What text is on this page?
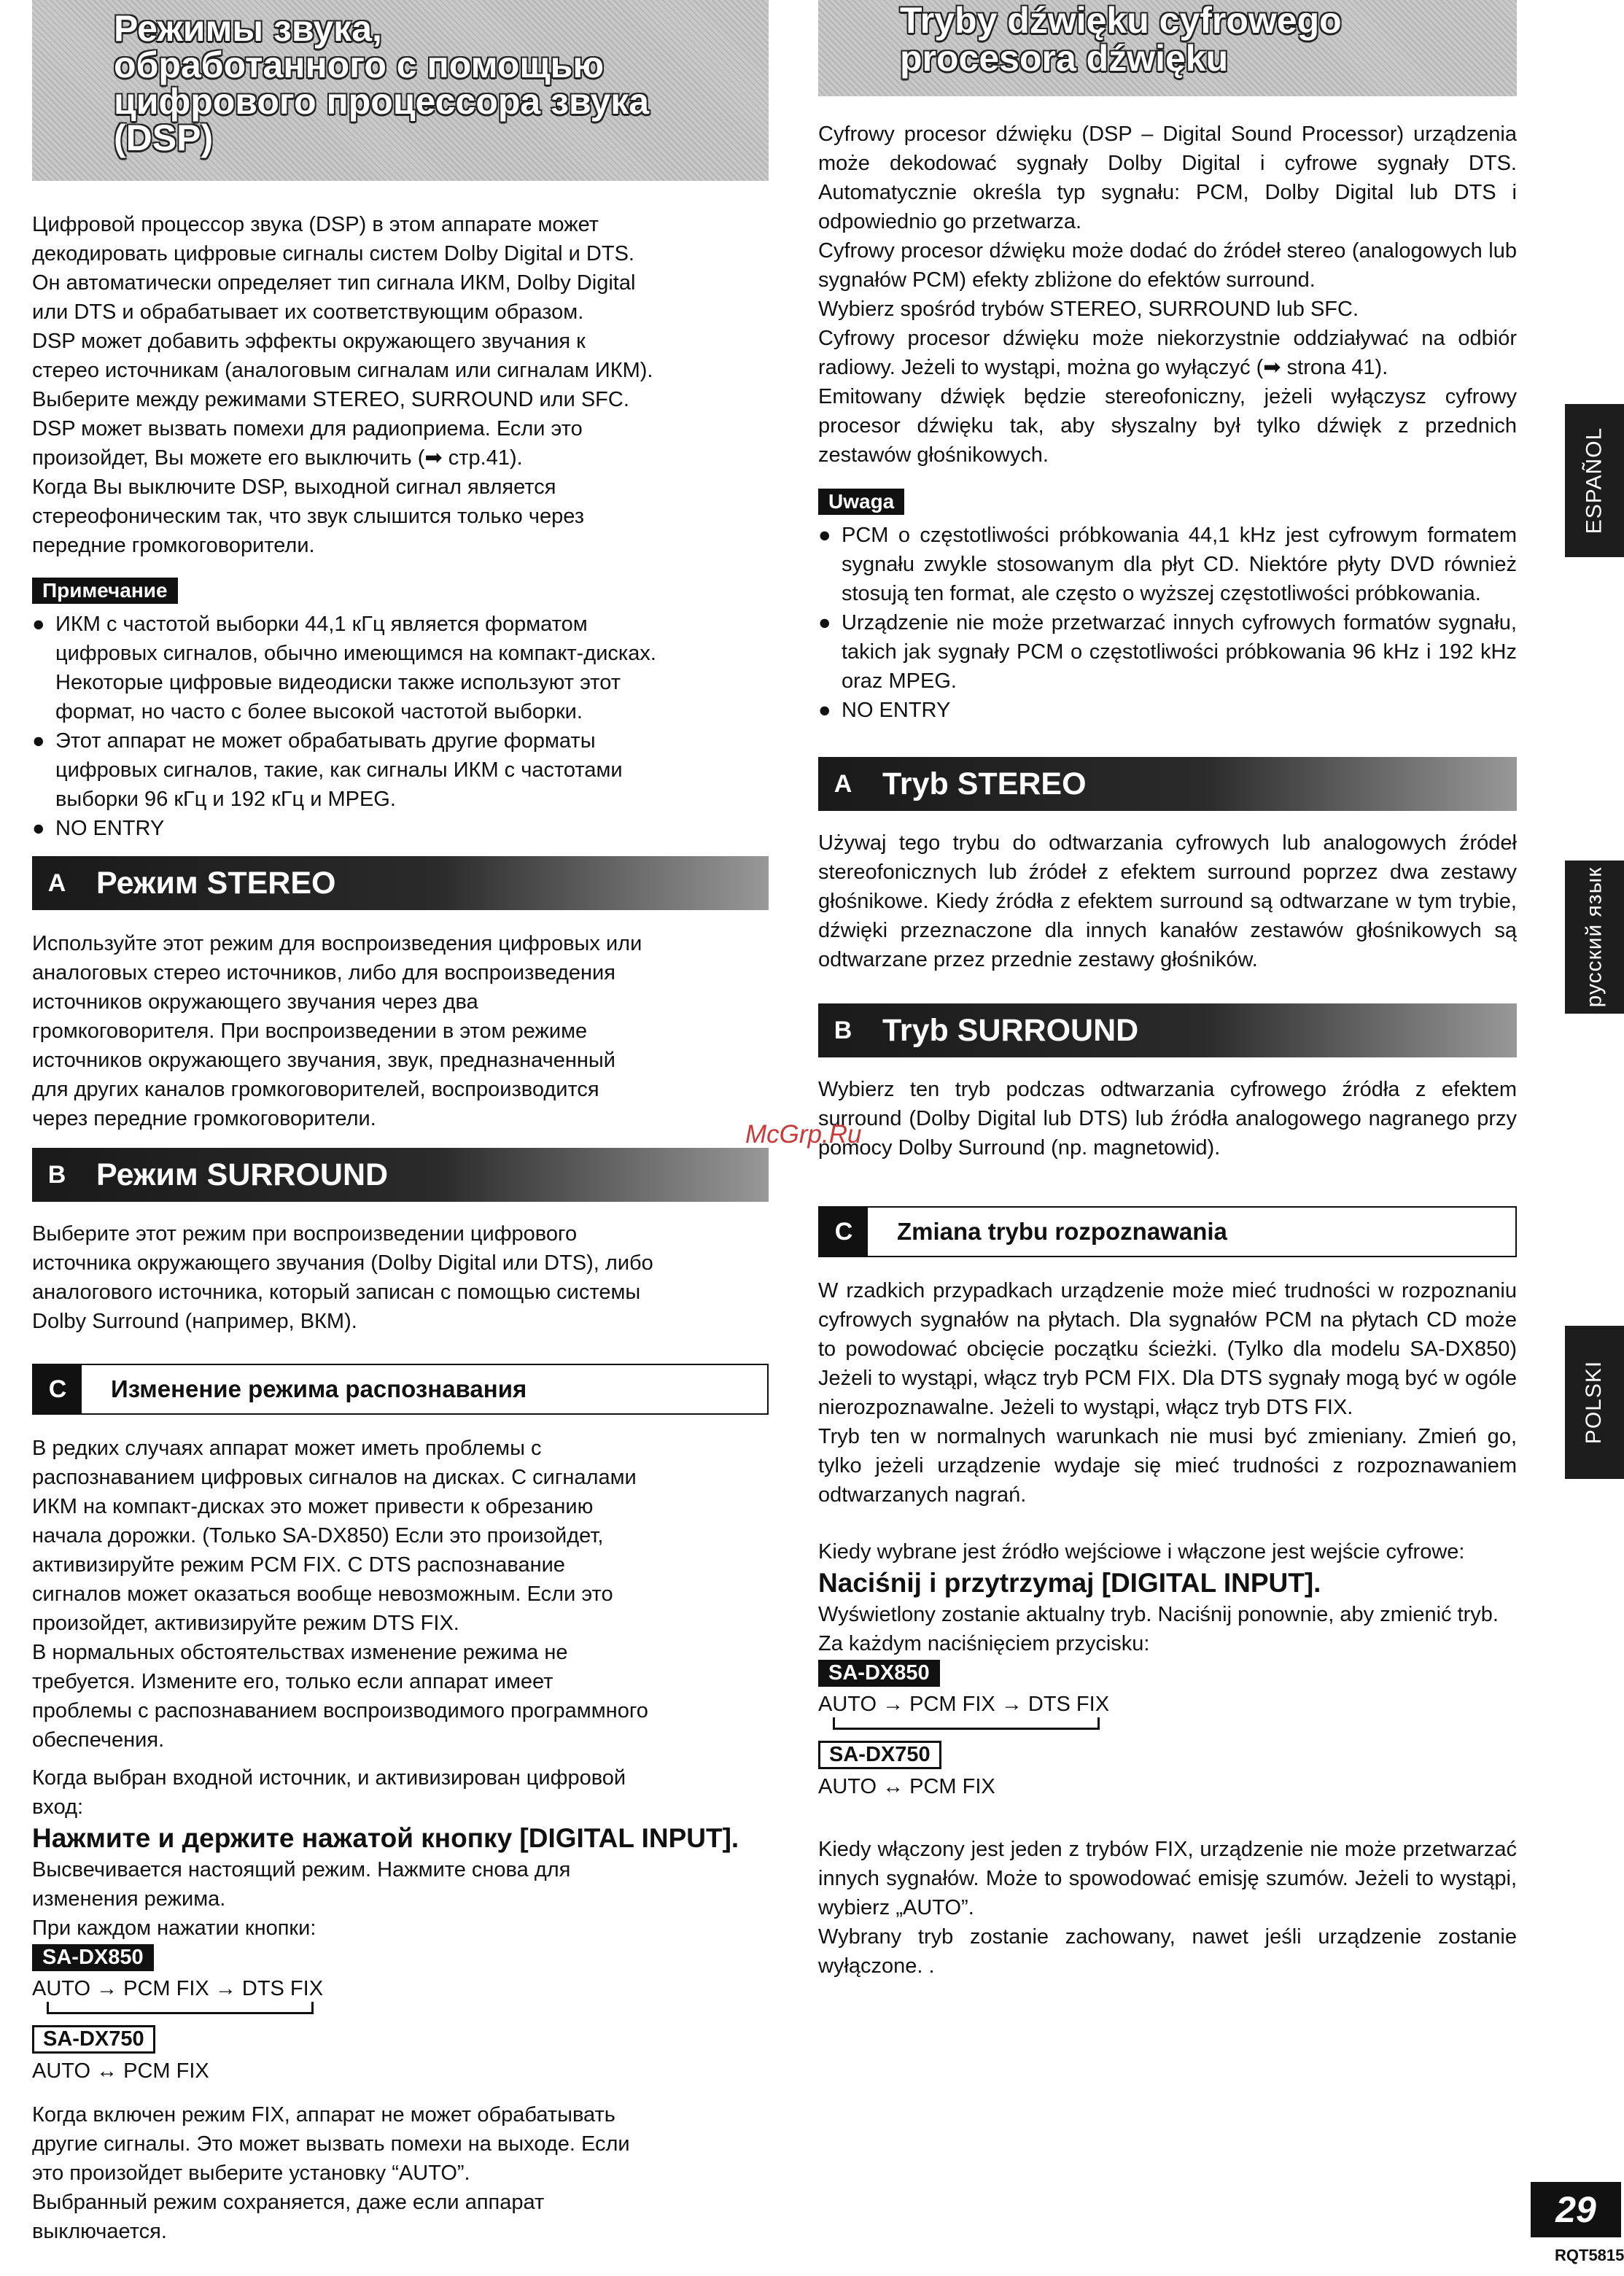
Режимы звука,
обработанного с помощью
цифрового процессора звука
(DSP)

Цифровой процессор звука (DSP) в этом аппарате может
декодировать цифровые сигналы систем Dolby Digital и DTS.
Он автоматически определяет тип сигнала ИКМ, Dolby Digital
или DTS и обрабатывает их соответствующим образом.
DSP может добавить эффекты окружающего звучания к
стерео источникам (аналоговым сигналам или сигналам ИКМ).
Выберите между режимами STEREO, SURROUND или SFC.
DSP может вызвать помехи для радиоприема. Если это
произойдет, Вы можете его выключить (➡ стр.41).
Когда Вы выключите DSP, выходной сигнал является
стереофоническим так, что звук слышится только через
передние громкоговорители.

Примечание
● ИКМ с частотой выборки 44,1 кГц является форматом
цифровых сигналов, обычно имеющимся на компакт-дисках.
Некоторые цифровые видеодиски также используют этот
формат, но часто с более высокой частотой выборки.
● Этот аппарат не может обрабатывать другие форматы
цифровых сигналов, такие, как сигналы ИКМ с частотами
выборки 96 кГц и 192 кГц и MPEG.
● NO ENTRY
A Режим STEREO

Используйте этот режим для воспроизведения цифровых или
аналоговых стерео источников, либо для воспроизведения
источников окружающего звучания через два
громкоговорителя. При воспроизведении в этом режиме
источников окружающего звучания, звук, предназначенный
для других каналов громкоговорителей, воспроизводится
через передние громкоговорители.

B Режим SURROUND

Выберите этот режим при воспроизведении цифрового
источника окружающего звучания (Dolby Digital или DTS), либо
аналогового источника, который записан с помощью системы
Dolby Surround (например, ВКМ).

C	Изменение режима распознавания

В редких случаях аппарат может иметь проблемы с
распознаванием цифровых сигналов на дисках. С сигналами
ИКМ на компакт-дисках это может привести к обрезанию
начала дорожки. (Только SA-DX850) Если это произойдет,
активизируйте режим PCM FIX. С DTS распознавание
сигналов может оказаться вообще невозможным. Если это
произойдет, активизируйте режим DTS FIX.
В нормальных обстоятельствах изменение режима не
требуется. Измените его, только если аппарат имеет
проблемы с распознаванием воспроизводимого программного
обеспечения.

Когда выбран входной источник, и активизирован цифровой
вход:

Нажмите и держите нажатой кнопку [DIGITAL INPUT].

Высвечивается настоящий режим. Нажмите снова для
изменения режима.
При каждом нажатии кнопки:

SA-DX850
AUTO → PCM FIX → DTS FIX
SA-DX750
AUTO ↔ PCM FIX

Когда включен режим FIX, аппарат не может обрабатывать
другие сигналы. Это может вызвать помехи на выходе. Если
это произойдет выберите установку “AUTO”.
Выбранный режим сохраняется, даже если аппарат
выключается.

Tryby dźwięku cyfrowego
procesora dźwięku

Cyfrowy procesor dźwięku (DSP – Digital Sound Processor) urządzenia może dekodować sygnały Dolby Digital i cyfrowe sygnały DTS. Automatycznie określa typ sygnału: PCM, Dolby Digital lub DTS i odpowiednio go przetwarza.
Cyfrowy procesor dźwięku może dodać do źródeł stereo (analogowych lub sygnałów PCM) efekty zbliżone do efektów surround.
Wybierz spośród trybów STEREO, SURROUND lub SFC.
Cyfrowy procesor dźwięku może niekorzystnie oddziaływać na odbiór radiowy. Jeżeli to wystąpi, można go wyłączyć (➡ strona 41).
Emitowany dźwięk będzie stereofoniczny, jeżeli wyłączysz cyfrowy procesor dźwięku tak, aby słyszalny był tylko dźwięk z przednich zestawów głośnikowych.

Uwaga
● PCM o częstotliwości próbkowania 44,1 kHz jest cyfrowym formatem sygnału zwykle stosowanym dla płyt CD. Niektóre płyty DVD również stosują ten format, ale często o wyższej częstotliwości próbkowania.
● Urządzenie nie może przetwarzać innych cyfrowych formatów sygnału, takich jak sygnały PCM o częstotliwości próbkowania 96 kHz i 192 kHz oraz MPEG.
● NO ENTRY
A Tryb STEREO

Używaj tego trybu do odtwarzania cyfrowych lub analogowych źródeł stereofonicznych lub źródeł z efektem surround poprzez dwa zestawy głośnikowe. Kiedy źródła z efektem surround są odtwarzane w tym trybie, dźwięki przeznaczone dla innych kanałów zestawów głośnikowych są odtwarzane przez przednie zestawy głośników.

B Tryb SURROUND

Wybierz ten tryb podczas odtwarzania cyfrowego źródła z efektem surround (Dolby Digital lub DTS) lub źródła analogowego nagranego przy pomocy Dolby Surround (np. magnetowid).

C	Zmiana trybu rozpoznawania

W rzadkich przypadkach urządzenie może mieć trudności w rozpoznaniu cyfrowych sygnałów na płytach. Dla sygnałów PCM na płytach CD może to powodować obcięcie początku ścieżki. (Tylko dla modelu SA-DX850) Jeżeli to wystąpi, włącz tryb PCM FIX. Dla DTS sygnały mogą być w ogóle nierozpoznawalne. Jeżeli to wystąpi, włącz tryb DTS FIX.
Tryb ten w normalnych warunkach nie musi być zmieniany. Zmień go, tylko jeżeli urządzenie wydaje się mieć trudności z rozpoznawaniem odtwarzanych nagrań.

Kiedy wybrane jest źródło wejściowe i włączone jest wejście cyfrowe:

Naciśnij i przytrzymaj [DIGITAL INPUT].

Wyświetlony zostanie aktualny tryb. Naciśnij ponownie, aby zmienić tryb.
Za każdym naciśnięciem przycisku:

SA-DX850
AUTO → PCM FIX → DTS FIX
SA-DX750
AUTO ↔ PCM FIX

Kiedy włączony jest jeden z trybów FIX, urządzenie nie może przetwarzać innych sygnałów. Może to spowodować emisję szumów. Jeżeli to wystąpi, wybierz „AUTO”.
Wybrany tryb zostanie zachowany, nawet jeśli urządzenie zostanie wyłączone. .

ESPAÑOL
русский язык
POLSKI
McGrp.Ru
29
RQT5815
